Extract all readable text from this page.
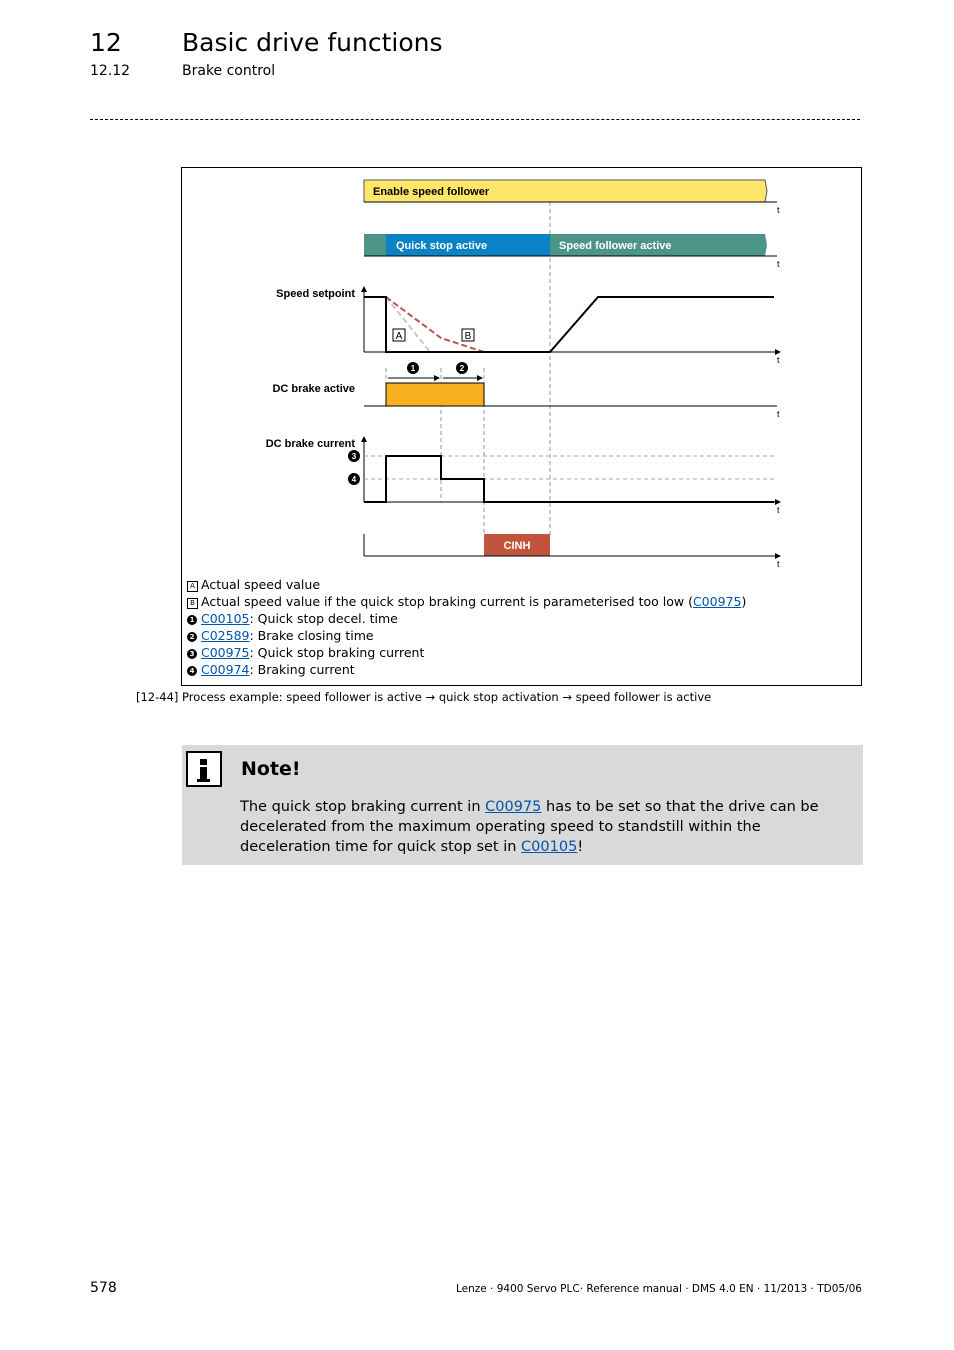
12 Basic drive functions
12.12	Brake control
Enable speed follower
t
Quick stop active	Speed follower active
t
Speed setpoint
t
A	B
1	2
DC brake active
t
DC brake current
t
3
4
CINH
t
A Actual speed value
B Actual speed value if the quick stop braking current is parameterised too low (C00975)
1 C00105: Quick stop decel. time
2 C02589: Brake closing time
3 C00975: Quick stop braking current
4 C00974: Braking current
[12-44] Process example: speed follower is active → quick stop activation → speed follower is active
Note!
The quick stop braking current in C00975 has to be set so that the drive can be decelerated from the maximum operating speed to standstill within the deceleration time for quick stop set in C00105!
578	Lenze · 9400 Servo PLC· Reference manual · DMS 4.0 EN · 11/2013 · TD05/06
